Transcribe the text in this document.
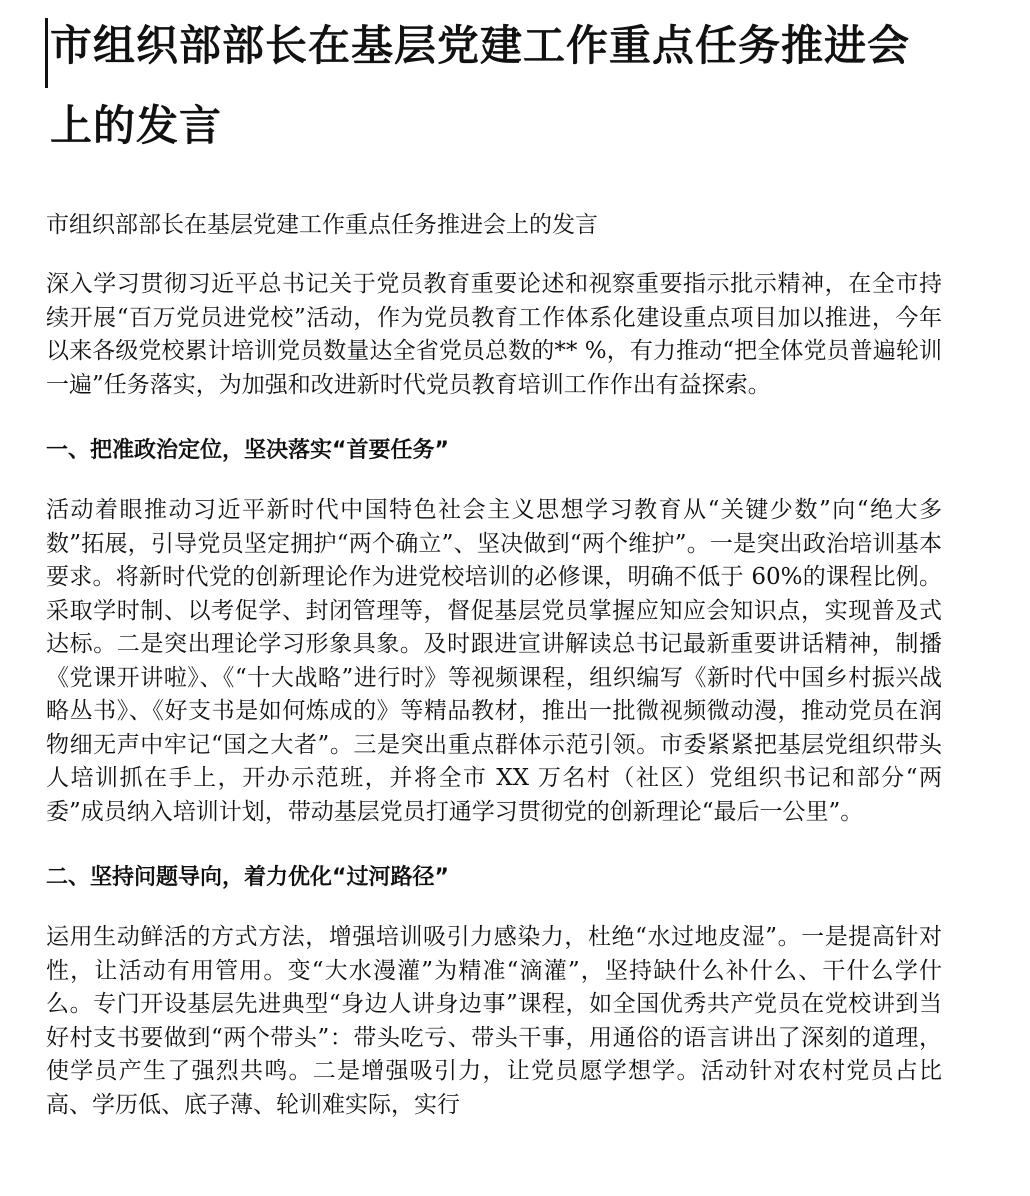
市组织部部长在基层党建工作重点任务推进会上的发言

市组织部部长在基层党建工作重点任务推进会上的发言

深入学习贯彻习近平总书记关于党员教育重要论述和视察重要指示批示精神，在全市持续开展“百万党员进党校”活动，作为党员教育工作体系化建设重点项目加以推进，今年以来各级党校累计培训党员数量达全省党员总数的** %，有力推动“把全体党员普遍轮训一遍”任务落实，为加强和改进新时代党员教育培训工作作出有益探索。

一、把准政治定位，坚决落实“首要任务”

活动着眼推动习近平新时代中国特色社会主义思想学习教育从“关键少数”向“绝大多数”拓展，引导党员坚定拥护“两个确立”、坚决做到“两个维护”。一是突出政治培训基本要求。将新时代党的创新理论作为进党校培训的必修课，明确不低于 60%的课程比例。采取学时制、以考促学、封闭管理等，督促基层党员掌握应知应会知识点，实现普及式达标。二是突出理论学习形象具象。及时跟进宣讲解读总书记最新重要讲话精神，制播《党课开讲啦》、《“十大战略”进行时》等视频课程，组织编写《新时代中国乡村振兴战略丛书》、《好支书是如何炼成的》等精品教材，推出一批微视频微动漫，推动党员在润物细无声中牢记“国之大者”。三是突出重点群体示范引领。市委紧紧把基层党组织带头人培训抓在手上，开办示范班，并将全市 XX 万名村（社区）党组织书记和部分“两委”成员纳入培训计划，带动基层党员打通学习贯彻党的创新理论“最后一公里”。

二、坚持问题导向，着力优化“过河路径”

运用生动鲜活的方式方法，增强培训吸引力感染力，杜绝“水过地皮湿”。一是提高针对性，让活动有用管用。变“大水漫灌”为精准“滴灌”，坚持缺什么补什么、干什么学什么。专门开设基层先进典型“身边人讲身边事”课程，如全国优秀共产党员在党校讲到当好村支书要做到“两个带头”：带头吃亏、带头干事，用通俗的语言讲出了深刻的道理，使学员产生了强烈共鸣。二是增强吸引力，让党员愿学想学。活动针对农村党员占比高、学历低、底子薄、轮训难实际，实行
